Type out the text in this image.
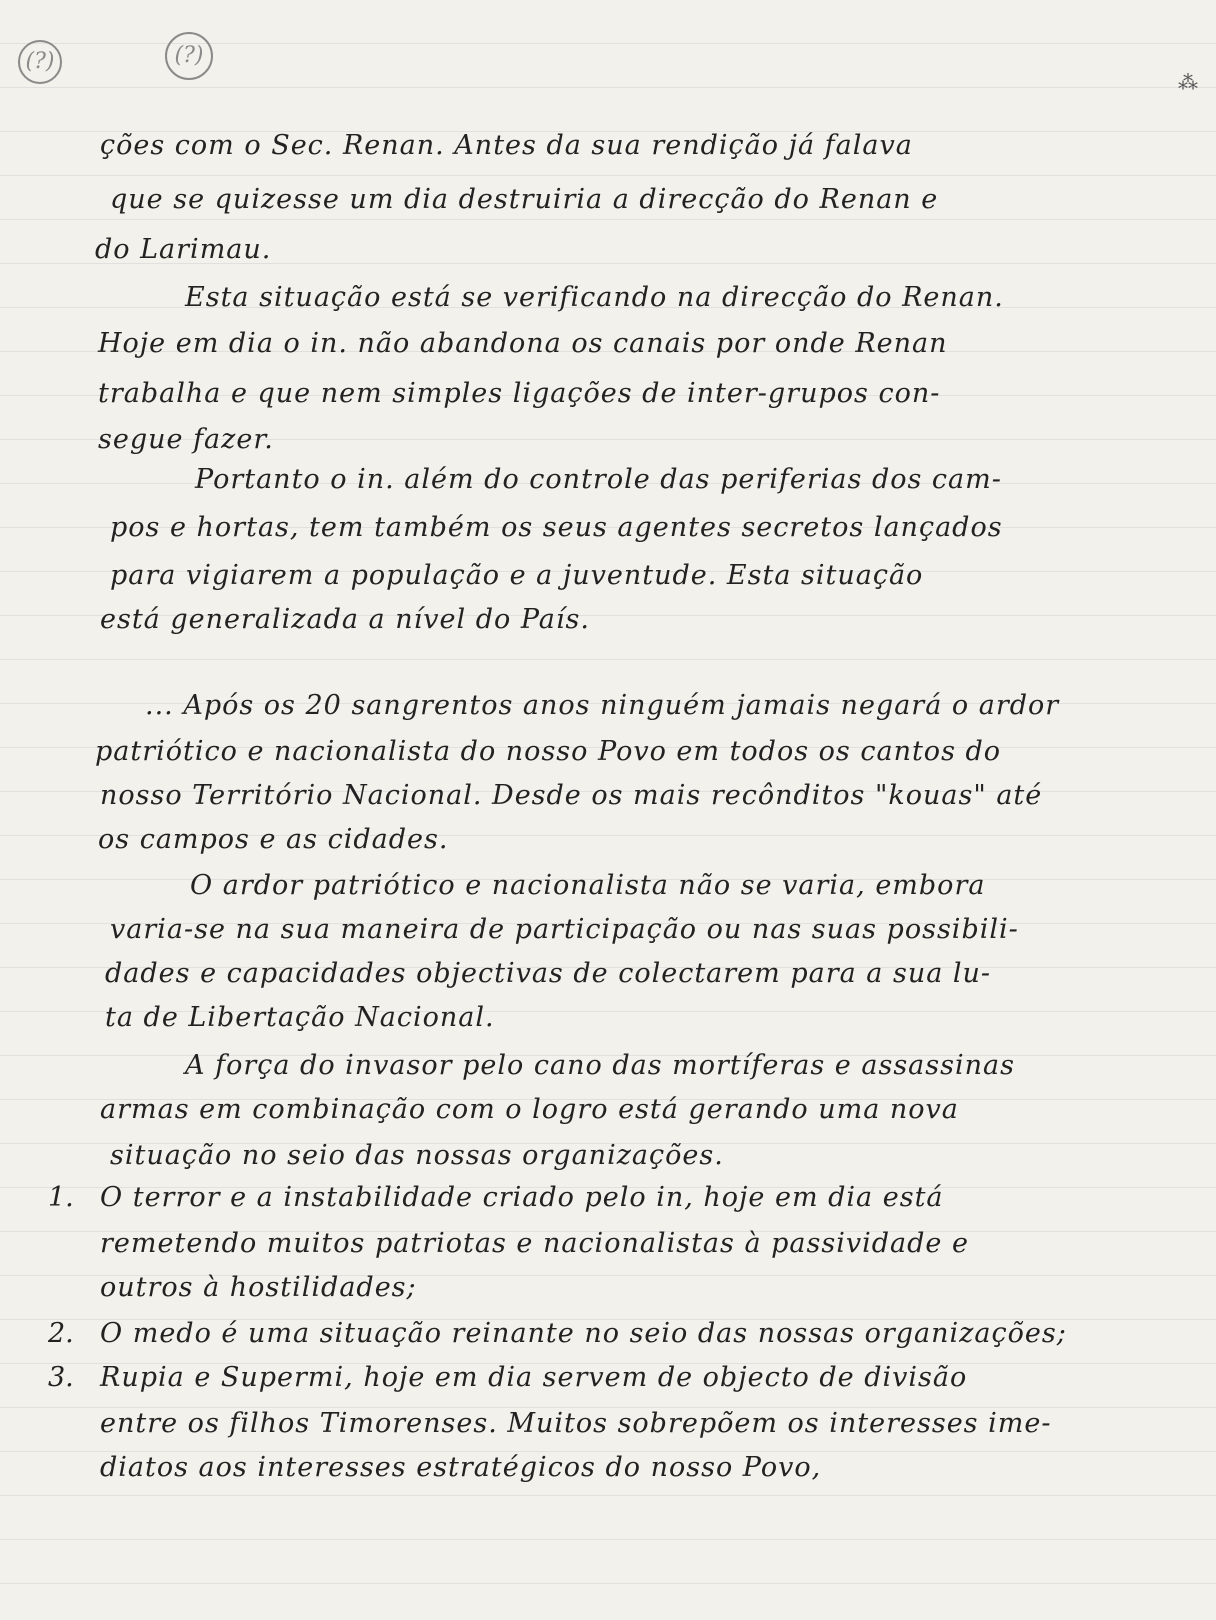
(?)	(?)
⁂
ções com o Sec. Renan. Antes da sua rendição já falava
que se quizesse um dia destruiria a direcção do Renan e
do Larimau.
Esta situação está se verificando na direcção do Renan.
Hoje em dia o in. não abandona os canais por onde Renan
trabalha e que nem simples ligações de inter-grupos con-
segue fazer.
Portanto o in. além do controle das periferias dos cam-
pos e hortas, tem também os seus agentes secretos lançados
para vigiarem a população e a juventude. Esta situação
está generalizada a nível do País.
... Após os 20 sangrentos anos ninguém jamais negará o ardor
patriótico e nacionalista do nosso Povo em todos os cantos do
nosso Território Nacional. Desde os mais recônditos "kouas" até
os campos e as cidades.
O ardor patriótico e nacionalista não se varia, embora
varia-se na sua maneira de participação ou nas suas possibili-
dades e capacidades objectivas de colectarem para a sua lu-
ta de Libertação Nacional.
A força do invasor pelo cano das mortíferas e assassinas
armas em combinação com o logro está gerando uma nova
situação no seio das nossas organizações.
1. O terror e a instabilidade criado pelo in, hoje em dia está
remetendo muitos patriotas e nacionalistas à passividade e
outros à hostilidades;
2. O medo é uma situação reinante no seio das nossas organizações;
3. Rupia e Supermi, hoje em dia servem de objecto de divisão
entre os filhos Timorenses. Muitos sobrepõem os interesses ime-
diatos aos interesses estratégicos do nosso Povo,
